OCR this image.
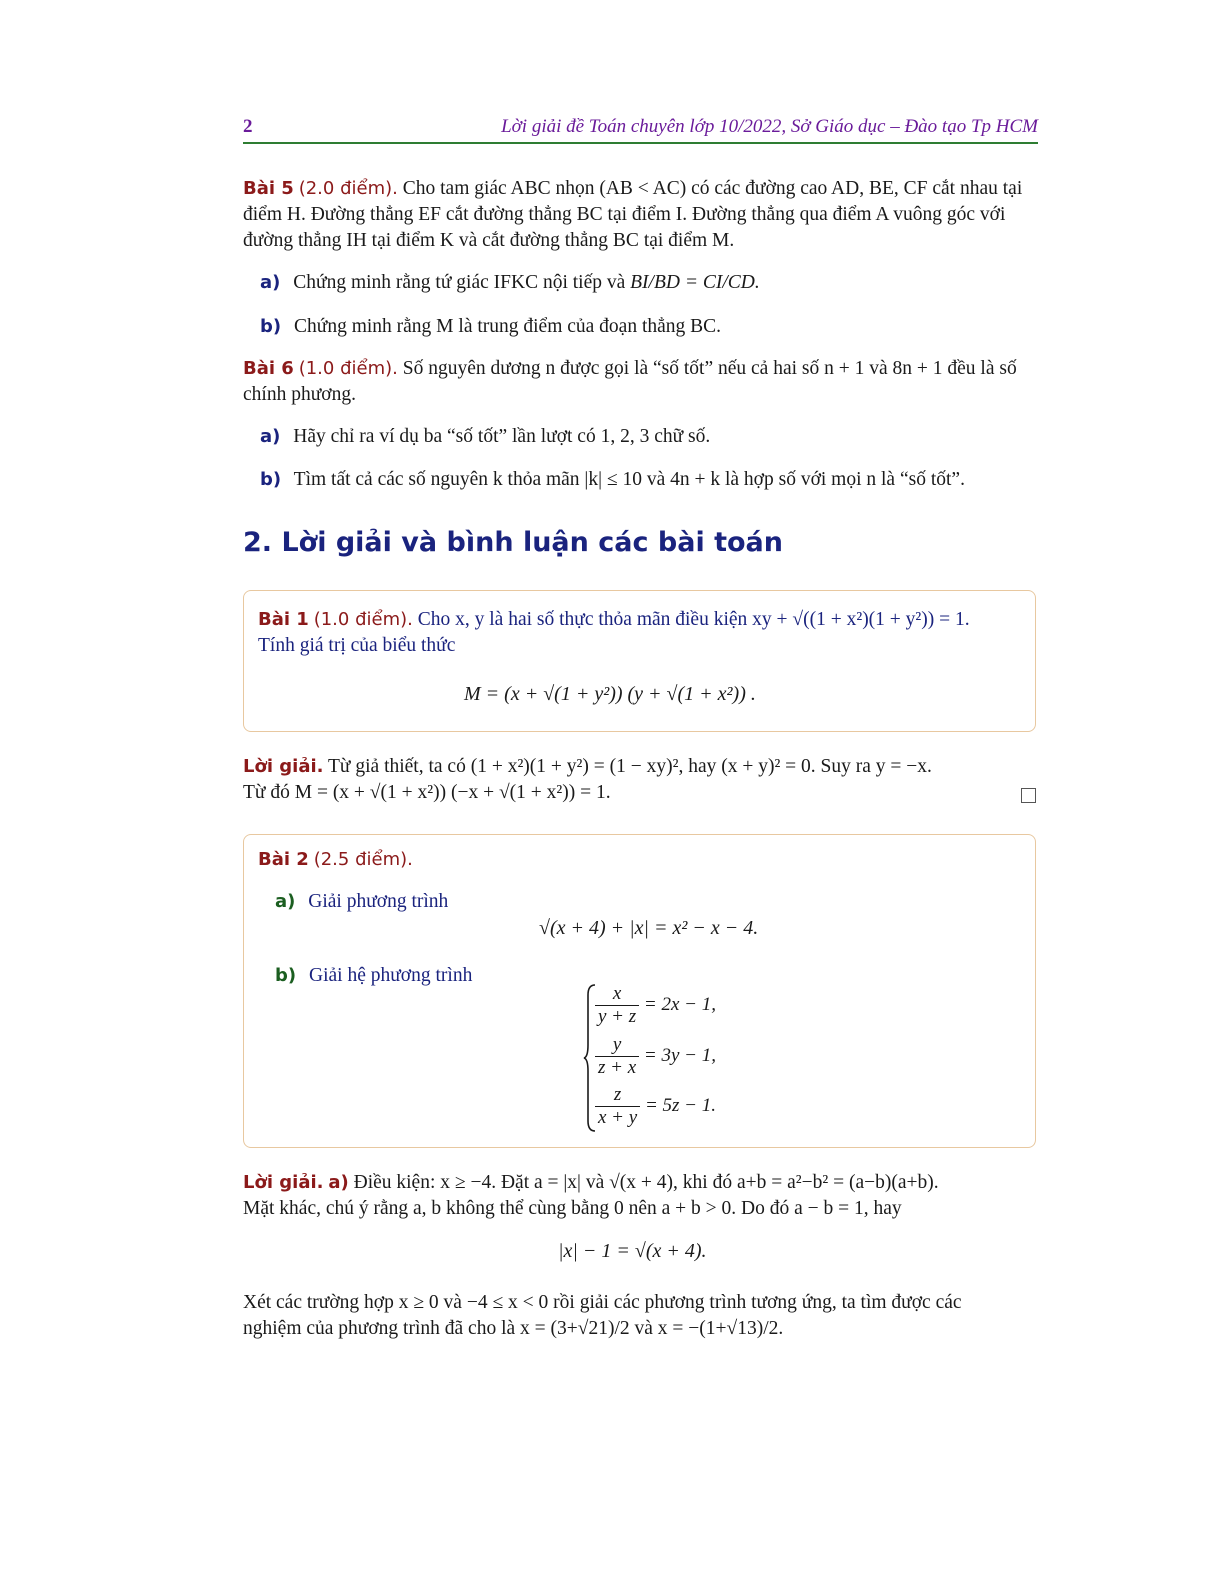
2	Lời giải đề Toán chuyên lớp 10/2022, Sở Giáo dục – Đào tạo Tp HCM
Bài 5 (2.0 điểm). Cho tam giác ABC nhọn (AB < AC) có các đường cao AD, BE, CF cắt nhau tại điểm H. Đường thẳng EF cắt đường thẳng BC tại điểm I. Đường thẳng qua điểm A vuông góc với đường thẳng IH tại điểm K và cắt đường thẳng BC tại điểm M.
a) Chứng minh rằng tứ giác IFKC nội tiếp và BI/BD = CI/CD.
b) Chứng minh rằng M là trung điểm của đoạn thẳng BC.
Bài 6 (1.0 điểm). Số nguyên dương n được gọi là “số tốt” nếu cả hai số n + 1 và 8n + 1 đều là số chính phương.
a) Hãy chỉ ra ví dụ ba “số tốt” lần lượt có 1, 2, 3 chữ số.
b) Tìm tất cả các số nguyên k thỏa mãn |k| ≤ 10 và 4n + k là hợp số với mọi n là “số tốt”.
2. Lời giải và bình luận các bài toán
Bài 1 (1.0 điểm). Cho x, y là hai số thực thỏa mãn điều kiện xy + √((1 + x²)(1 + y²)) = 1.
Tính giá trị của biểu thức
M = (x + √(1 + y²)) (y + √(1 + x²)) .
Lời giải. Từ giả thiết, ta có (1 + x²)(1 + y²) = (1 − xy)², hay (x + y)² = 0. Suy ra y = −x.
Từ đó M = (x + √(1 + x²)) (−x + √(1 + x²)) = 1.
Bài 2 (2.5 điểm).
a) Giải phương trình
√(x + 4) + |x| = x² − x − 4.
b) Giải hệ phương trình
$\frac{x}{y + z} = 2x - 1$,
$\frac{y}{z + x} = 3y - 1$,
$\frac{z}{x + y} = 5z - 1$.
Lời giải. a) Điều kiện: x ≥ −4. Đặt a = |x| và √(x + 4), khi đó a+b = a²−b² = (a−b)(a+b).
Mặt khác, chú ý rằng a, b không thể cùng bằng 0 nên a + b > 0. Do đó a − b = 1, hay
|x| − 1 = √(x + 4).
Xét các trường hợp x ≥ 0 và −4 ≤ x < 0 rồi giải các phương trình tương ứng, ta tìm được các
nghiệm của phương trình đã cho là x = (3+√21)/2 và x = −(1+√13)/2.
